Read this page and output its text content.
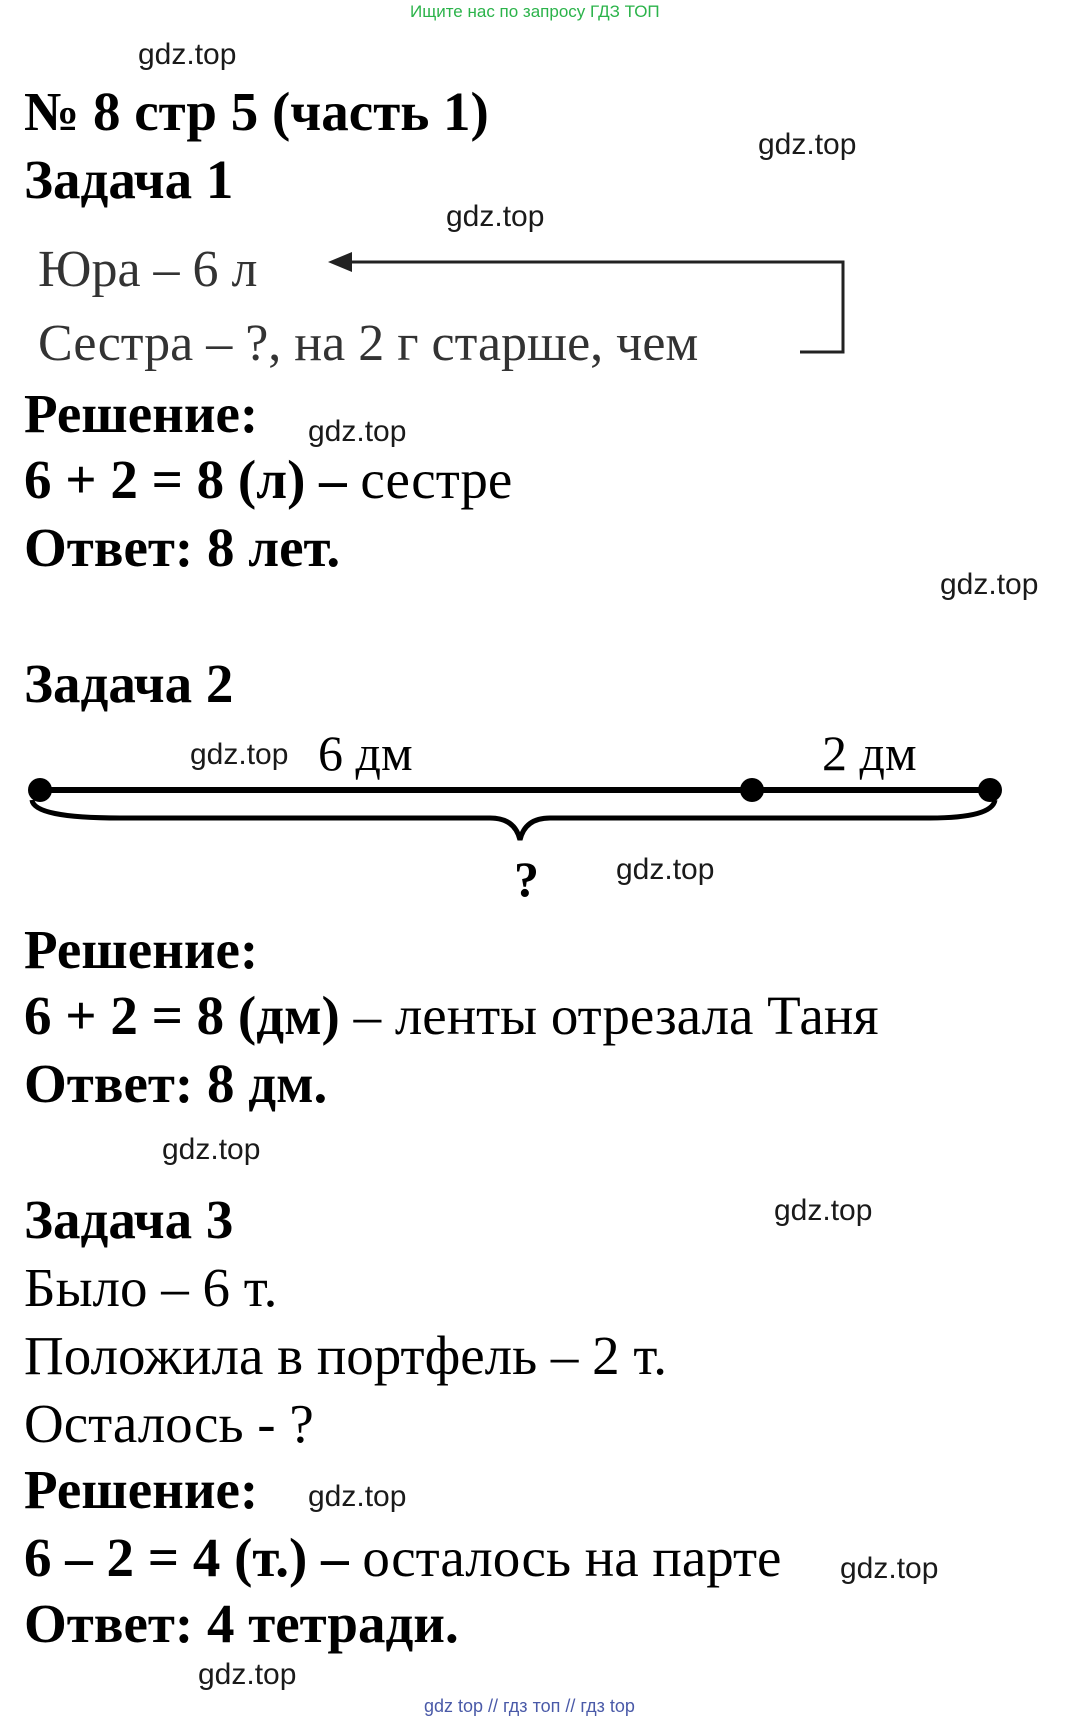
Ищите нас по запросу ГДЗ ТОП
№ 8 стр 5 (часть 1)
gdz.top
gdz.top
gdz.top
gdz.top
gdz.top
gdz.top
gdz.top
gdz.top
gdz.top
gdz.top
gdz.top
gdz.top
Задача 1
Юра – 6 л
Сестра – ?, на 2 г старше, чем
Решение:
6 + 2 = 8 (л) – сестре
Ответ: 8 лет.
Задача 2
6 дм	2 дм
?
Решение:
6 + 2 = 8 (дм) – ленты отрезала Таня
Ответ: 8 дм.
Задача 3
Было – 6 т.
Положила в портфель – 2 т.
Осталось - ?
Решение:
6 – 2 = 4 (т.) – осталось на парте
Ответ: 4 тетради.
gdz top // гдз топ // гдз top
